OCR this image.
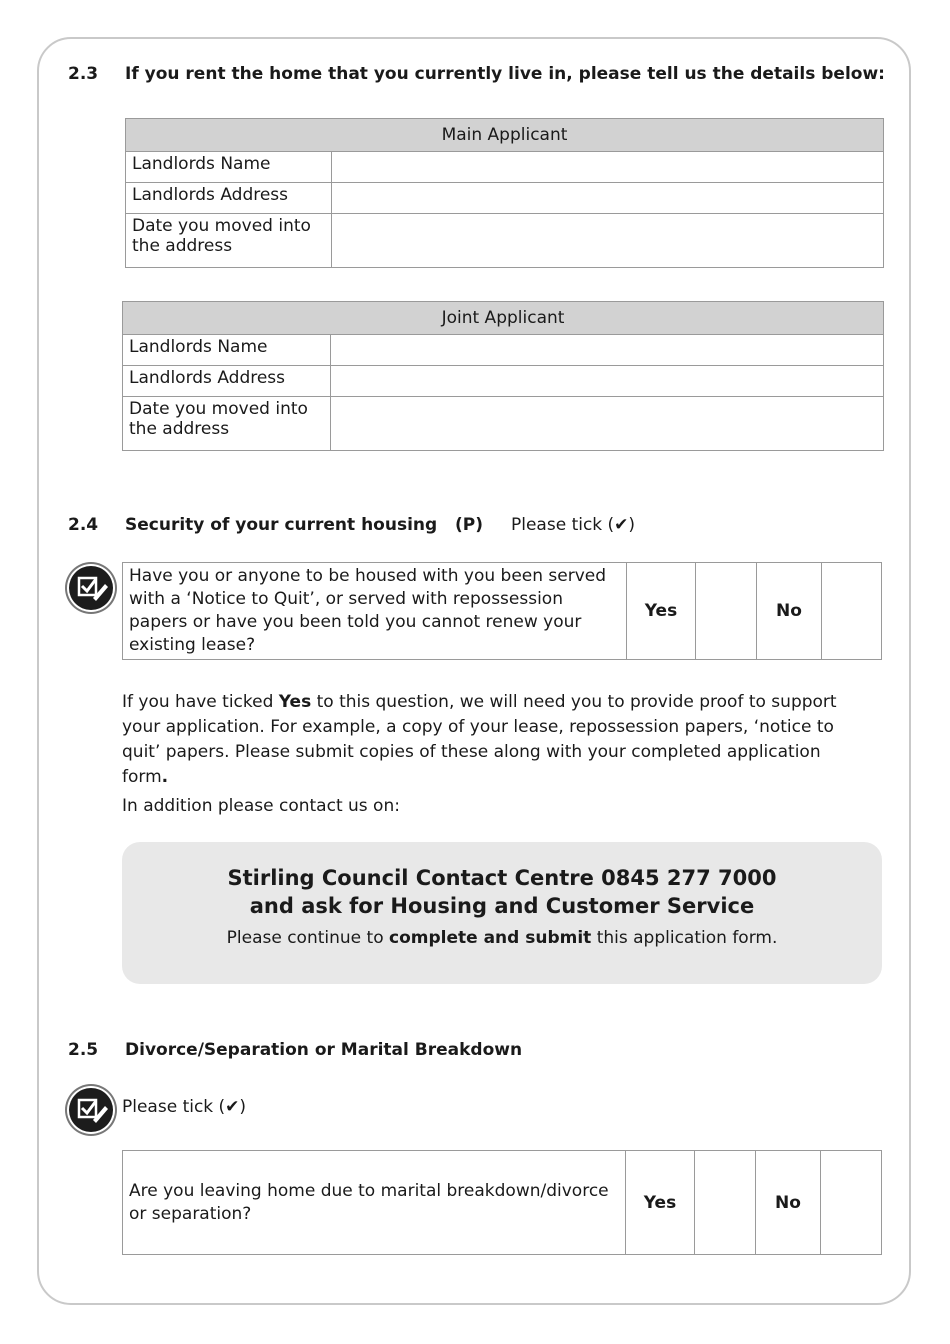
2.3 If you rent the home that you currently live in, please tell us the details below:
Main Applicant	
Landlords Name	
Landlords Address	
Date you moved into the address	
Joint Applicant	
Landlords Name	
Landlords Address	
Date you moved into the address	
2.4 Security of your current housing (P) Please tick (✔)
Have you or anyone to be housed with you been served with a ‘Notice to Quit’, or served with repossession papers or have you been told you cannot renew your existing lease?	Yes		No	
If you have ticked Yes to this question, we will need you to provide proof to support your application. For example, a copy of your lease, repossession papers, ‘notice to quit’ papers. Please submit copies of these along with your completed application form.
In addition please contact us on:
Stirling Council Contact Centre 0845 277 7000
and ask for Housing and Customer Service
Please continue to complete and submit this application form.
2.5 Divorce/Separation or Marital Breakdown
Please tick (✔)
Are you leaving home due to marital breakdown/divorce or separation?	Yes		No	
